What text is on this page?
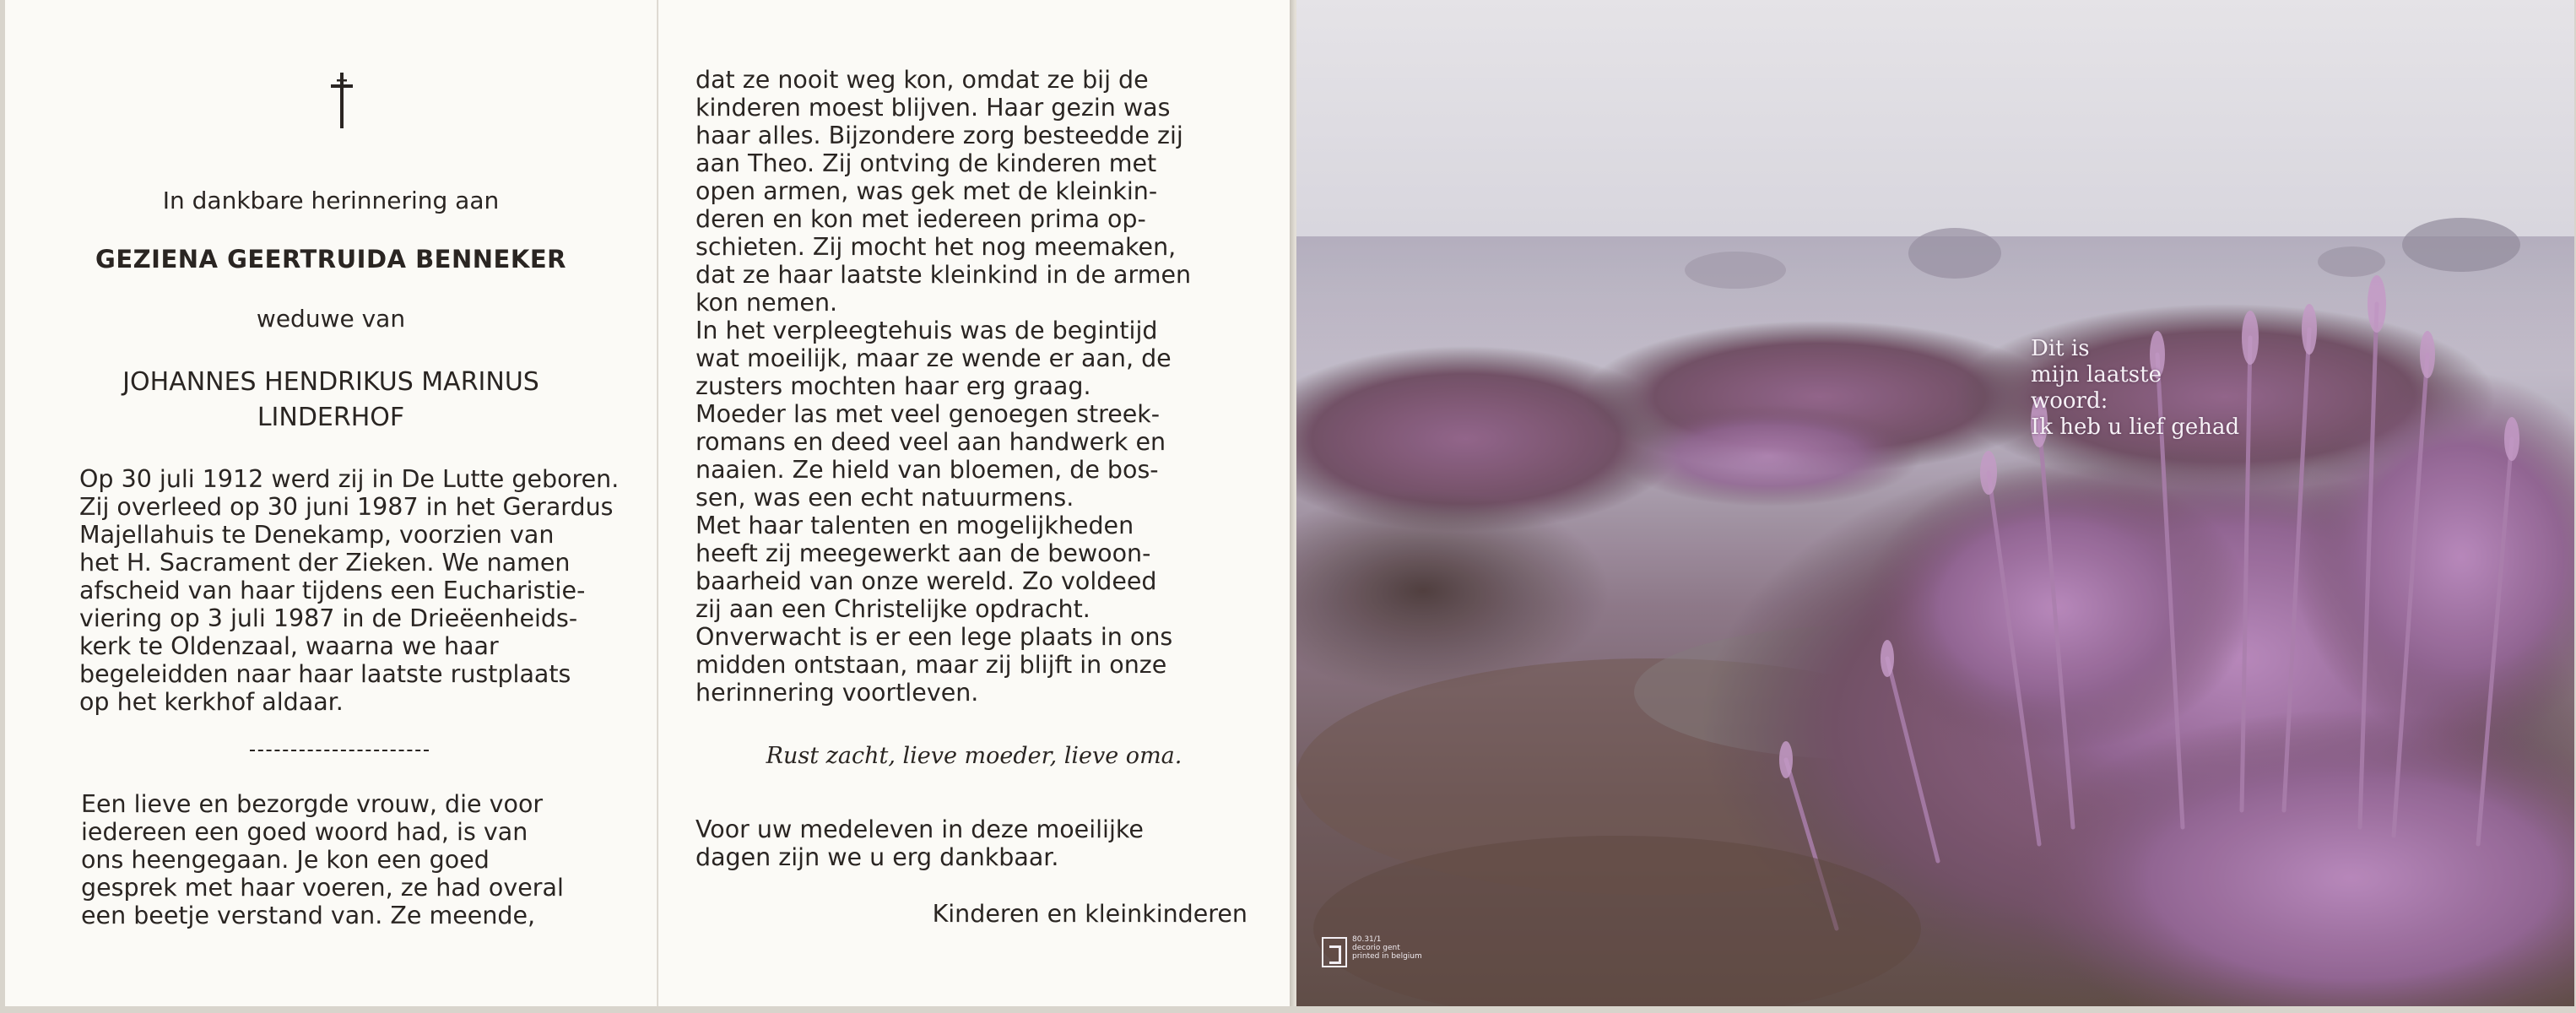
In dankbare herinnering aan
GEZIENA GEERTRUIDA BENNEKER
weduwe van
JOHANNES HENDRIKUS MARINUS
LINDERHOF
Op 30 juli 1912 werd zij in De Lutte geboren.
Zij overleed op 30 juni 1987 in het Gerardus
Majellahuis te Denekamp, voorzien van
het H. Sacrament der Zieken. We namen
afscheid van haar tijdens een Eucharistie-
viering op 3 juli 1987 in de Drieëenheids-
kerk te Oldenzaal, waarna we haar
begeleidden naar haar laatste rustplaats
op het kerkhof aldaar.
Een lieve en bezorgde vrouw, die voor
iedereen een goed woord had, is van
ons heengegaan. Je kon een goed
gesprek met haar voeren, ze had overal
een beetje verstand van. Ze meende,
dat ze nooit weg kon, omdat ze bij de
kinderen moest blijven. Haar gezin was
haar alles. Bijzondere zorg besteedde zij
aan Theo. Zij ontving de kinderen met
open armen, was gek met de kleinkin-
deren en kon met iedereen prima op-
schieten. Zij mocht het nog meemaken,
dat ze haar laatste kleinkind in de armen
kon nemen.
In het verpleegtehuis was de begintijd
wat moeilijk, maar ze wende er aan, de
zusters mochten haar erg graag.
Moeder las met veel genoegen streek-
romans en deed veel aan handwerk en
naaien. Ze hield van bloemen, de bos-
sen, was een echt natuurmens.
Met haar talenten en mogelijkheden
heeft zij meegewerkt aan de bewoon-
baarheid van onze wereld. Zo voldeed
zij aan een Christelijke opdracht.
Onverwacht is er een lege plaats in ons
midden ontstaan, maar zij blijft in onze
herinnering voortleven.
Rust zacht, lieve moeder, lieve oma.
Voor uw medeleven in deze moeilijke
dagen zijn we u erg dankbaar.
Kinderen en kleinkinderen
Dit is
mijn laatste
woord:
Ik heb u lief gehad
80.31/1
decorio gent
printed in belgium
